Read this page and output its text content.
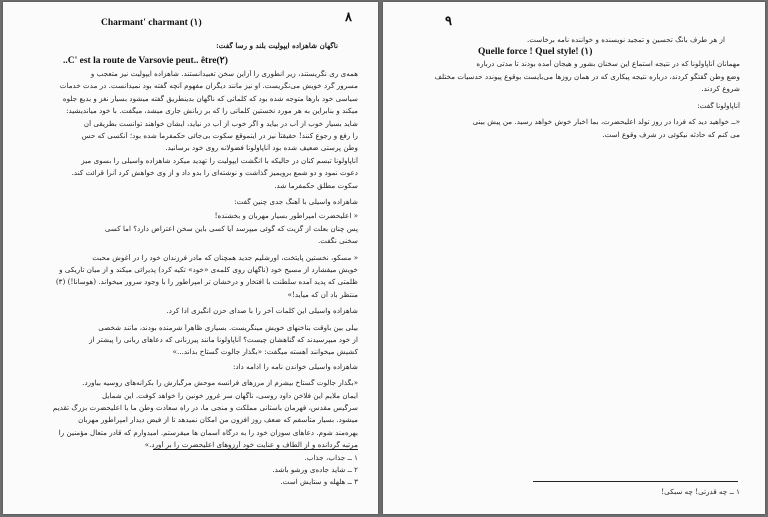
۸
Charmant' charmant (۱)
ناگهان شاهزاده ایپولیت بلند و رسا گفت:
..C' est la route de Varsovie peut.. ȇtre(۲)
همه‌ی ری نگریستند، زیر انطوری را آزاین سخن تعبیدانستند. شاهزاده ایپولیت نیز متعجب و
مسرور گرد خویش می‌نگریست. او نیز مانند دیگران مفهوم آنچه گفته بود نمیدانست. در مدت خدمات
سیاسی خود بارها متوجه شده بود که کلماتی که ناگهان بدینطریق گفته میشود بسیار نغز و بدیع جلوه
میکند و بنابراین به هر مورد نخستین کلماتی را که بر زبانش جاری میشد، میگفت. با خود میاندیشید:
شاید بسیار خوب از آب در بیاید و اگر خوب از آب در نیاید، ایشان خواهند توانست بطریقی آن
را رفع و رجوع کنند! حقیقتاً نیز در اینموقع سکوت بی‌جائی حکمفرما شده بود؛ آنکسی که حس
وطن پرستی ضعیف شده بود آناپاولونا فضولانه روی خود برسانید.
آناپاولونا تبسم کنان در حالیکه با انگشت ایپولیت را تهدید میکرد شاهزاده واسیلی را بسوی میز
دعوت نمود و دو شمع برویمیز گذاشت و نوشته‌ای را بدو داد و از وی خواهش کرد آنرا قرائت کند.
سکوت مطلق حکمفرما شد.
شاهزاده واسیلی با آهنگ جدی چنین گفت:
« اعلیحضرت امپراطور بسیار مهربان و بخشنده!
پس چنان بعلت از گزیت که گوئی میپرسد آیا کسی باین سخن اعتراض دارد؟ اما کسی
سخنی نگفت.
« مسکو، نخستین پایتخت، اورشلیم جدید همچنان که مادر فرزندان خود را در آغوش محبت
خویش میفشارد از مسیح خود (ناگهان روی کلمه‌ی «خود» تکیه کرد) پذیرائی میکند و از میان تاریکی و
ظلمتی که پدید آمده سلطنت با افتخار و درخشان تر امپراطور را با وجود سرور میخواند. (هوسانا!) (۳)
منتظر باد آن که میآید!»
شاهزاده واسیلی این کلمات آخر را با صدای حزن انگیزی ادا کرد.
بیلی بین باوقت بناخنهای خویش مینگریست. بسیاری ظاهراً شرمنده بودند، مانند شخصی
از خود میپرسیدند که گناهشان چیست؟ آناپاولونا مانند پیرزنانی که دعاهای ربانی را پیشتر از
کشیش میخوانند آهسته میگفت: «بگذار جالوت گستاخ بداند...»
شاهزاده واسیلی خواندن نامه را ادامه داد:
«بگذار جالوت گستاخ بیشرم از مرزهای فرانسه موحش مرگبارش را بکرانه‌های روسیه بیاورد.
ایمان ملایم این فلاخن داود روسی، ناگهان سر غرور خونین را خواهد کوفت. این شمایل
سرگیس مقدس، قهرمان باستانی مملکت و منجی ما، در راه سعادت وطن ما با اعلیحضرت بزرگ تقدیم
میشود. بسیار متأسفم که ضعف روز افزون من امکان نمیدهد تا از فیض دیدار امپراطور مهربان
بهره‌مند شوم. دعاهای سوزان خود را به درگاه آسمان ها میفرستم. امیدوارم که قادر متعال مؤمنین را
مرتبه گردانده و از الطاف و عنایت خود آرزوهای اعلیحضرت را بر آورد.»
۱ ــ جذاب، جذاب.
۲ ــ شاید جاده‌ی ورشو باشد.
۳ ــ هلهله و ستایش است.
۹
از هر طرف بانگ تحسین و تمجید نویسنده و خواننده نامه برخاست.
Quelle force ! Quel style! (۱)
مهمانان آناپاولونا که در نتیجه استماع این سخنان بشور و هیجان آمده بودند تا مدتی درباره
وضع وطن گفتگو کردند، درباره نتیجه پیکاری که در همان روزها می‌بایست بوقوع پیوندد حدسیات مختلف
شروع کردند.
آناپاولونا گفت:
«ــ خواهید دید که فردا در روز تولد اعلیحضرت، بما اخبار خوش خواهد رسید. من پیش بینی
می کنم که حادثه نیکوئی در شرف وقوع است.
۱ ــ چه قدرتی! چه سبکی!
